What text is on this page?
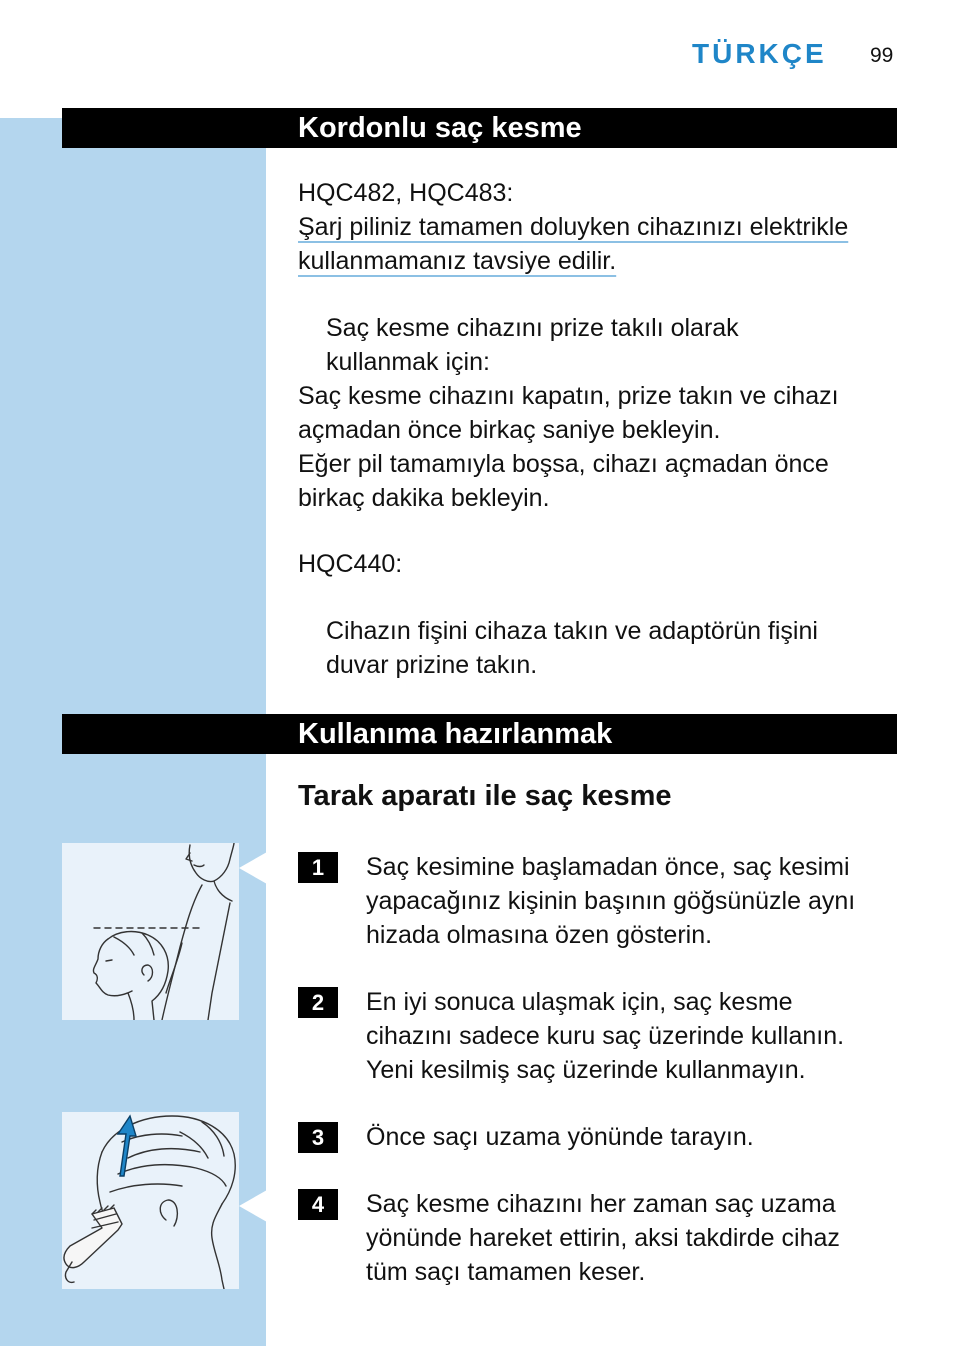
TÜRKÇE 99
Kordonlu saç kesme
HQC482, HQC483:
Şarj piliniz tamamen doluyken cihazınızı elektrikle
kullanmamanız tavsiye edilir.
Saç kesme cihazını prize takılı olarak
kullanmak için:
Saç kesme cihazını kapatın, prize takın ve cihazı
açmadan önce birkaç saniye bekleyin.
Eğer pil tamamıyla boşsa, cihazı açmadan önce
birkaç dakika bekleyin.
HQC440:
Cihazın fişini cihaza takın ve adaptörün fişini
duvar prizine takın.
Kullanıma hazırlanmak
Tarak aparatı ile saç kesme
1	Saç kesimine başlamadan önce, saç kesimi
yapacağınız kişinin başının göğsünüzle aynı
hizada olmasına özen gösterin.
2	En iyi sonuca ulaşmak için, saç kesme
cihazını sadece kuru saç üzerinde kullanın.
Yeni kesilmiş saç üzerinde kullanmayın.
3	Önce saçı uzama yönünde tarayın.
4	Saç kesme cihazını her zaman saç uzama
yönünde hareket ettirin, aksi takdirde cihaz
tüm saçı tamamen keser.
